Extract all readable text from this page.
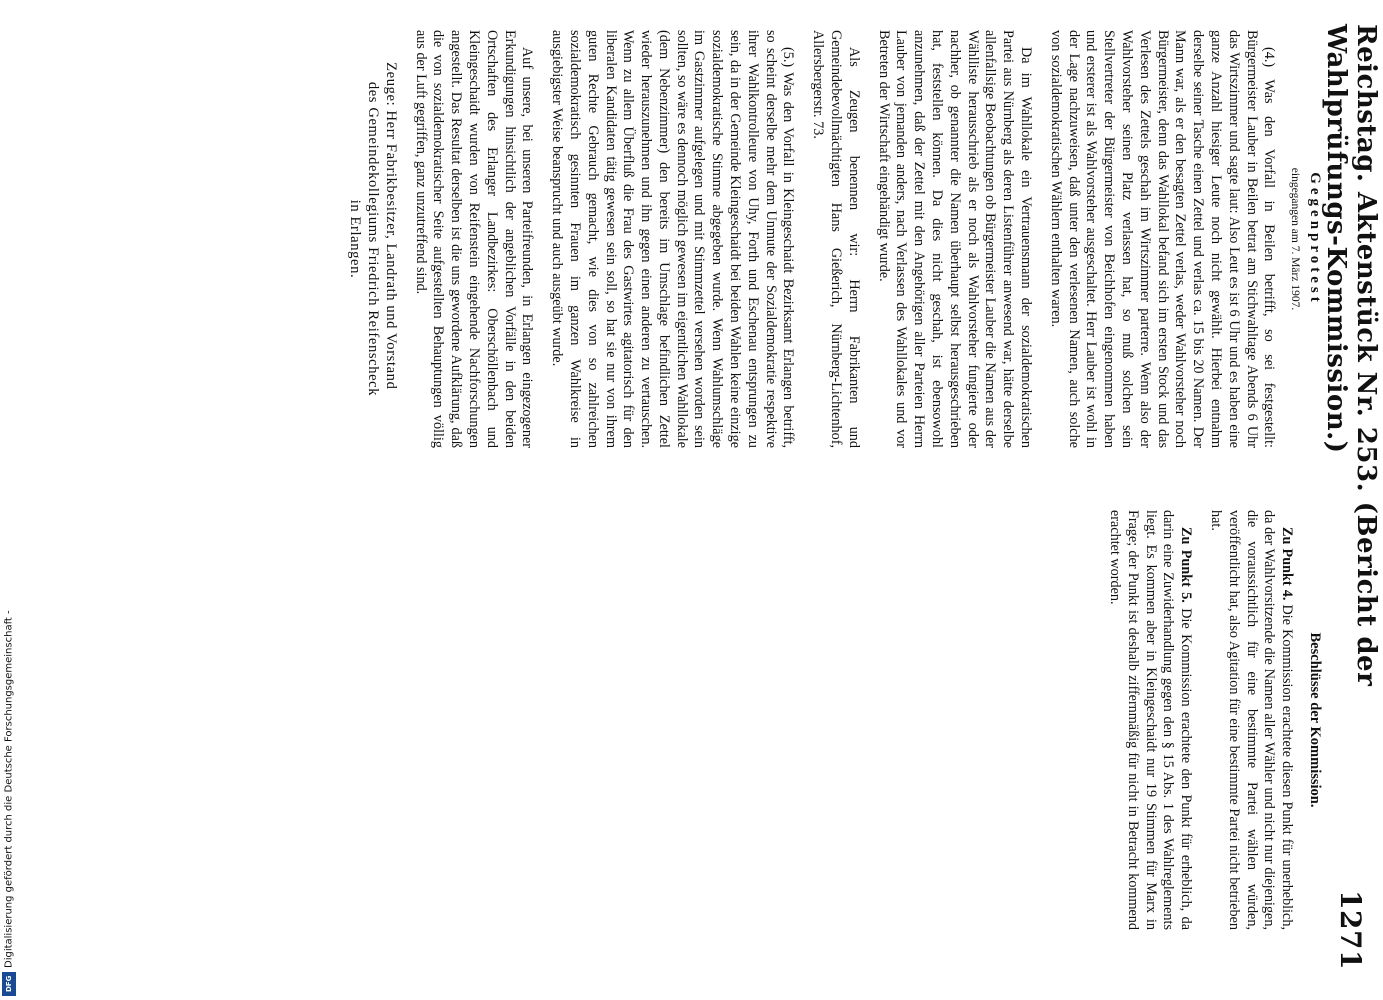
Reichstag. Aktenstück Nr. 253. (Bericht der Wahlprüfungs-Kommission.)
1271
Gegenprotest
eingegangen am 7. März 1907.

(4.) Was den Vorfall in Beilen betrifft, so sei festgestellt: Bürgermeister Lauber in Beilen betrat am Stichwahltage Abends 6 Uhr das Wirtszimmer und sagte laut: Also Leut es ist 6 Uhr und es haben eine ganze Anzahl hiesiger Leute noch nicht gewählt. Hierbei entnahm derselbe seiner Tasche einen Zettel und verlas ca. 15 bis 20 Namen. Der Mann war, als er den besagten Zettel verlas, weder Wahlvorsteher noch Bürgermeister, denn das Wahllokal befand sich im ersten Stock und das Verlesen des Zettels geschah im Wirtszimmer parterre. Wenn also der Wahlvorsteher seinen Platz verlassen hat, so muß solchen sein Stellvertreter der Bürgermeister von Beichhofen eingenommen haben und ersterer ist als Wahlvorsteher ausgeschaltet. Herr Lauber ist wohl in der Lage nachzuweisen, daß unter den verlesenen Namen, auch solche von sozialdemokratischen Wählern enthalten waren.

Da im Wahllokale ein Vertrauensmann der sozialdemokratischen Partei aus Nürnberg als deren Listenführer anwesend war, hätte derselbe allenfallsige Beobachtungen ob Bürgermeister Lauber die Namen aus der Wählliste herausschrieb als er noch als Wahlvorsteher fungierte oder nachher, ob genannter die Namen überhaupt selbst herausgeschrieben hat, feststellen können. Da dies nicht geschah, ist ebensowohl anzunehmen, daß der Zettel mit den Angehörigen aller Parteien Herrn Lauber von jemanden anders, nach Verlassen des Wahllokales und vor Betreten der Wirtschaft eingehändigt wurde.

Als Zeugen benennen wir: Herrn Fabrikanten und Gemeindebevollmächtigten Hans Gießerich, Nürnberg-Lichtenhof, Allersbergerstr. 73.

(5.) Was den Vorfall in Kleingeschaidt Bezirksamt Erlangen betrifft, so scheint derselbe mehr dem Unmute der Sozialdemokratie respektive ihrer Wahlkontrolleure von Uhy, Forth und Eschenau entsprungen zu sein, da in der Gemeinde Kleingeschaidt bei beiden Wahlen keine einzige sozialdemokratische Stimme abgegeben wurde. Wenn Wahlumschläge im Gastzimmer aufgelegen und mit Stimmzettel versehen worden sein sollten, so wäre es dennoch möglich gewesen im eigentlichen Wahllokale (dem Nebenzimmer) den bereits im Umschlage befindlichen Zettel wieder herauszunehmen und ihn gegen einen anderen zu vertauschen. Wenn zu allem Überfluß die Frau des Gastwirtes agitatorisch für den liberalen Kandidaten tätig gewesen sein soll, so hat sie nur von ihrem guten Rechte Gebrauch gemacht, wie dies von so zahlreichen sozialdemokratisch gesinnten Frauen im ganzen Wahlkreise in ausgiebigster Weise beansprucht und auch ausgeübt wurde.

Auf unsere, bei unseren Parteifreunden, in Erlangen eingezogener Erkundigungen hinsichtlich der angeblichen Vorfälle in den beiden Ortschaften des Erlanger Landbezirkes: Oberschöllenbach und Kleingeschaidt wurden von Reifenstein eingehende Nachforschungen angestellt. Das Resultat derselben ist die uns gewordene Aufklärung, daß die von sozialdemokratischer Seite aufgestellten Behauptungen völlig aus der Luft gegriffen, ganz unzutreffend sind.

Zeuge: Herr Fabrikbesitzer, Landrath und Vorstand
des Gemeindekollegiums Friedrich Reifenscheck
in Erlangen.
Beschlüsse der Kommission.

Zu Punkt 4. Die Kommission erachtete diesen Punkt für unerheblich, da der Wahlvorsitzende die Namen aller Wähler und nicht nur diejenigen, die voraussichtlich für eine bestimmte Partei wählen würden, veröffentlicht hat, also Agitation für eine bestimmte Partei nicht betrieben hat.

Zu Punkt 5. Die Kommission erachtete den Punkt für erheblich, da darin eine Zuwiderhandlung gegen den § 15 Abs. 1 des Wahlreglements liegt. Es kommen aber in Kleingeschaidt nur 19 Stimmen für Marx in Frage; der Punkt ist deshalb ziffernmäßig für nicht in Betracht kommend erachtet worden.

DFG
Digitalisierung gefördert durch die Deutsche Forschungsgemeinschaft -
